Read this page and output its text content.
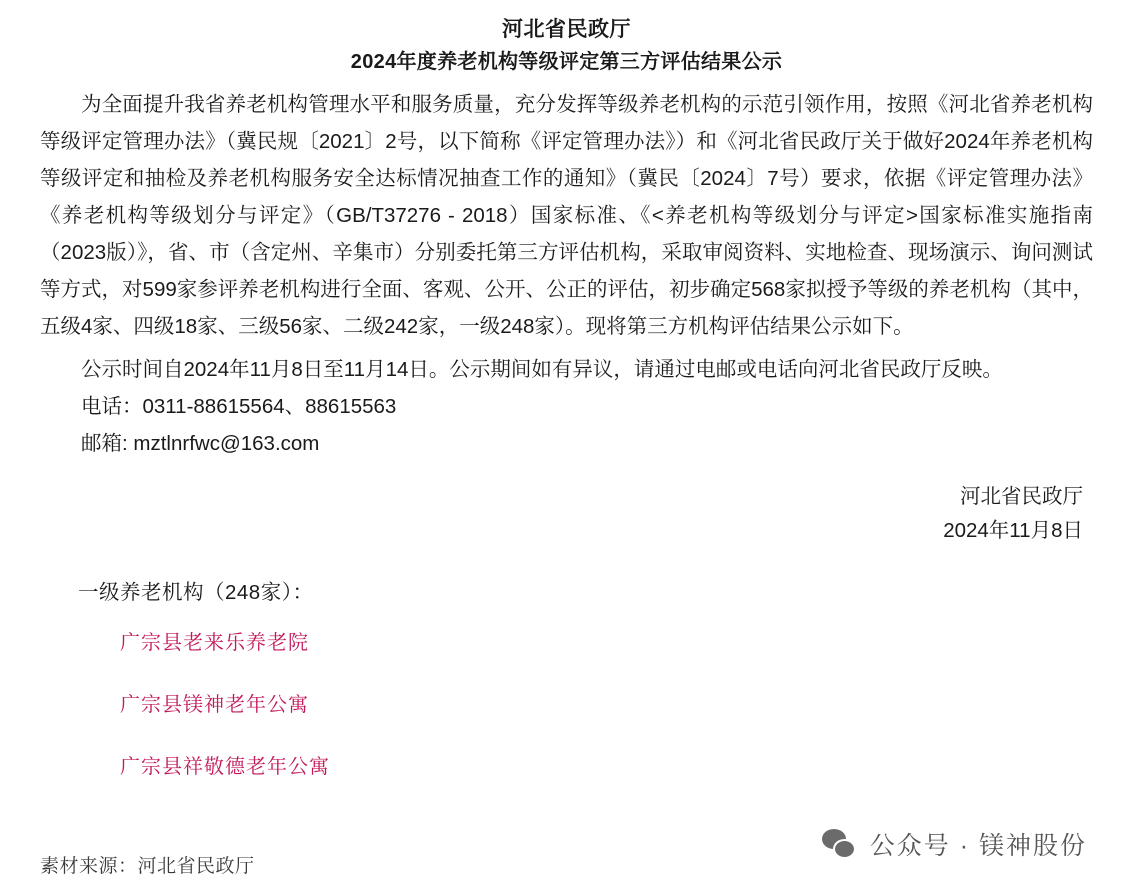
河北省民政厅
2024年度养老机构等级评定第三方评估结果公示

为全面提升我省养老机构管理水平和服务质量，充分发挥等级养老机构的示范引领作用，按照《河北省养老机构等级评定管理办法》（冀民规〔2021〕2号，以下简称《评定管理办法》）和《河北省民政厅关于做好2024年养老机构等级评定和抽检及养老机构服务安全达标情况抽查工作的通知》（冀民〔2024〕7号）要求，依据《评定管理办法》《养老机构等级划分与评定》（GB/T37276 - 2018）国家标准、《<养老机构等级划分与评定>国家标准实施指南（2023版）》，省、市（含定州、辛集市）分别委托第三方评估机构，采取审阅资料、实地检查、现场演示、询问测试等方式，对599家参评养老机构进行全面、客观、公开、公正的评估，初步确定568家拟授予等级的养老机构（其中，五级4家、四级18家、三级56家、二级242家，一级248家）。现将第三方机构评估结果公示如下。

公示时间自2024年11月8日至11月14日。公示期间如有异议，请通过电邮或电话向河北省民政厅反映。

电话：0311-88615564、88615563

邮箱: mztlnrfwc@163.com

河北省民政厅
2024年11月8日
一级养老机构（248家）：
广宗县老来乐养老院
广宗县镁神老年公寓
广宗县祥敬德老年公寓
素材来源：河北省民政厅
公众号 · 镁神股份
